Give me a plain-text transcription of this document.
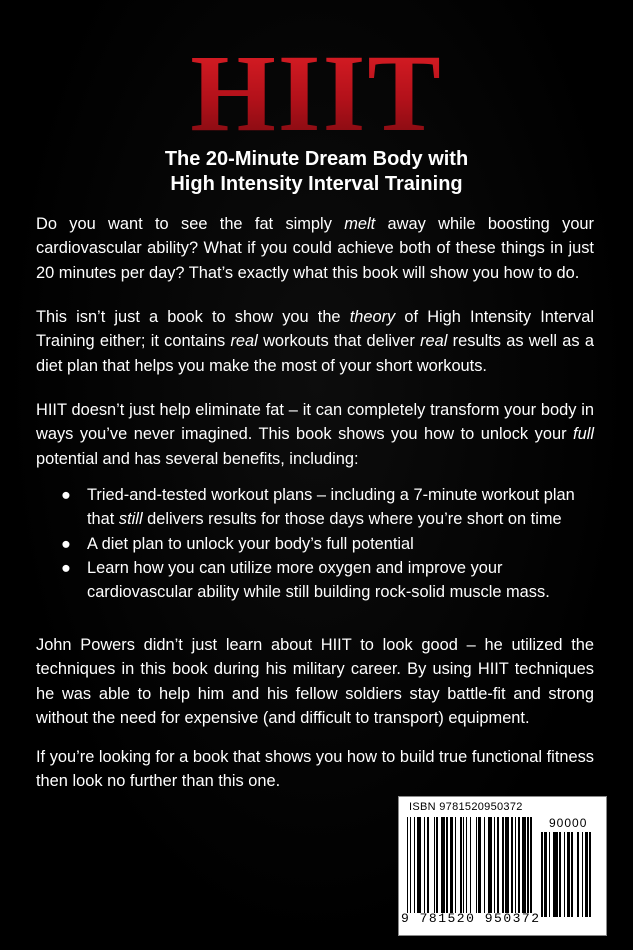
HIIT
The 20-Minute Dream Body with
High Intensity Interval Training
Do you want to see the fat simply melt away while boosting your cardiovascular ability? What if you could achieve both of these things in just 20 minutes per day? That’s exactly what this book will show you how to do.
This isn’t just a book to show you the theory of High Intensity Interval Training either; it contains real workouts that deliver real results as well as a diet plan that helps you make the most of your short workouts.
HIIT doesn’t just help eliminate fat – it can completely transform your body in ways you’ve never imagined. This book shows you how to unlock your full potential and has several benefits, including:
● Tried-and-tested workout plans – including a 7-minute workout plan that still delivers results for those days where you’re short on time
● A diet plan to unlock your body’s full potential
● Learn how you can utilize more oxygen and improve your cardiovascular ability while still building rock-solid muscle mass.
John Powers didn’t just learn about HIIT to look good – he utilized the techniques in this book during his military career. By using HIIT techniques he was able to help him and his fellow soldiers stay battle-fit and strong without the need for expensive (and difficult to transport) equipment.
If you’re looking for a book that shows you how to build true functional fitness then look no further than this one.
ISBN 9781520950372
90000
9 781520 950372
